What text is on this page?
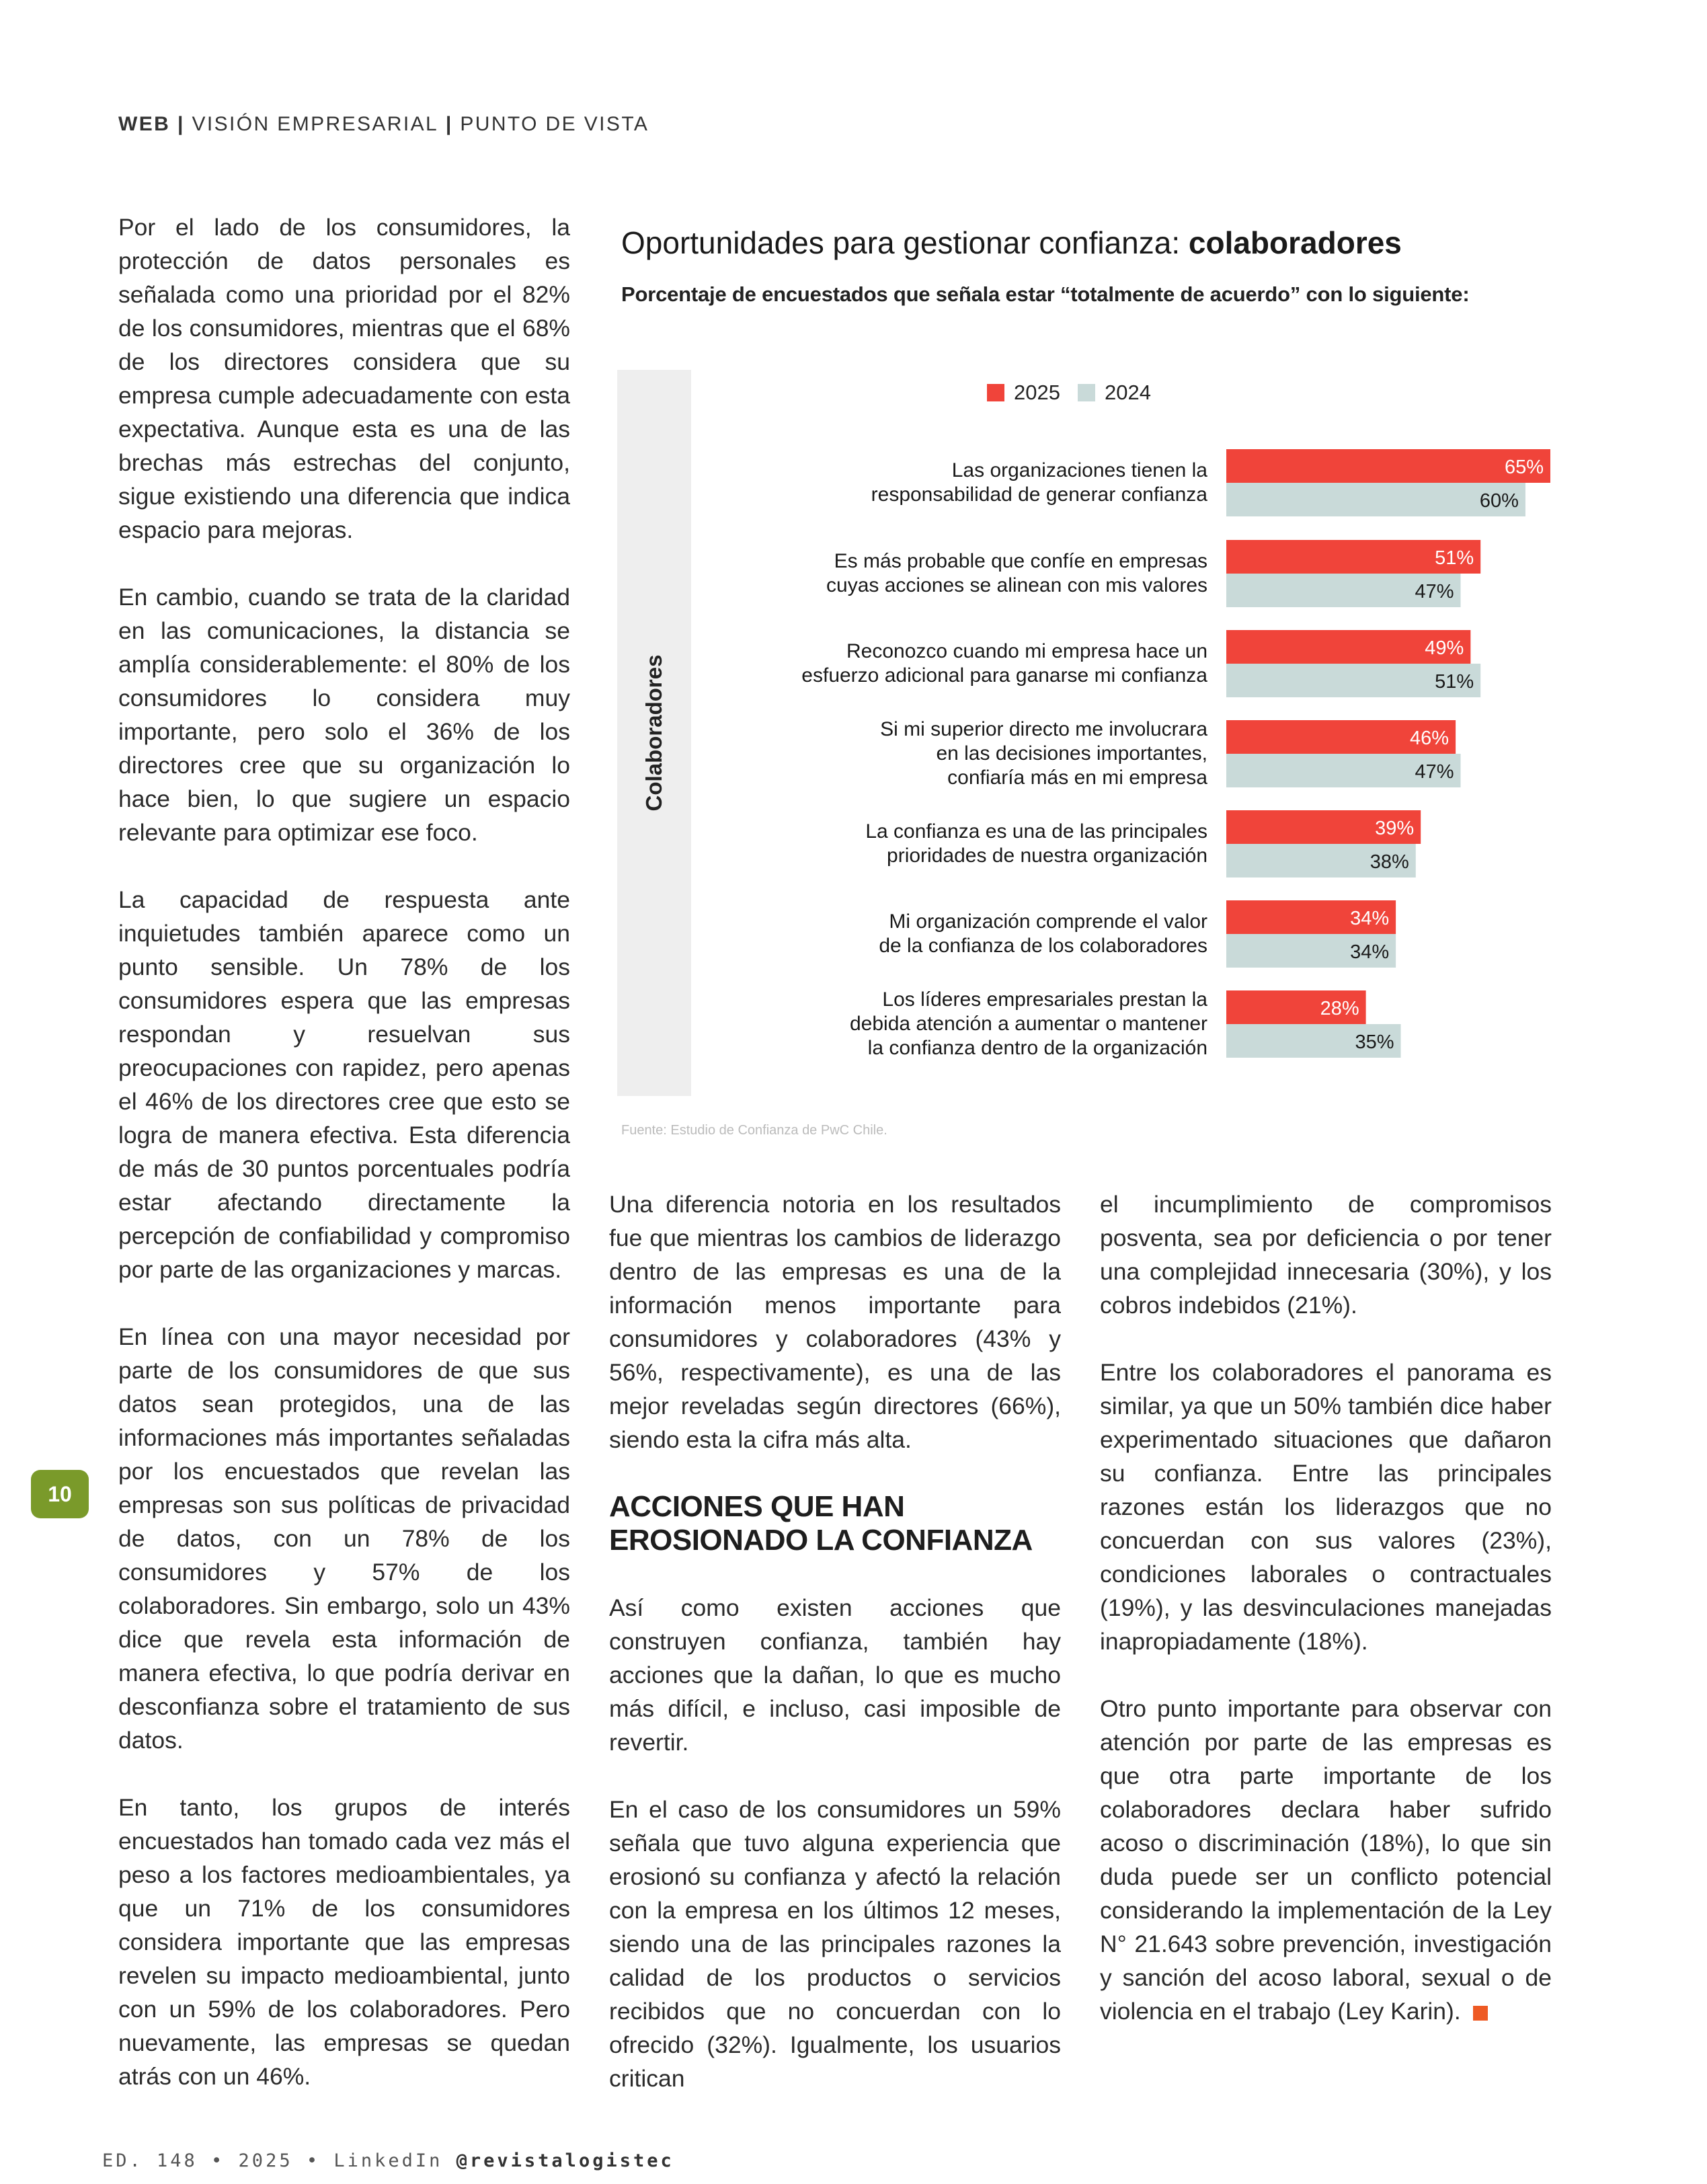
WEB | VISIÓN EMPRESARIAL | PUNTO DE VISTA

Por el lado de los consumidores, la protección de datos personales es señalada como una prioridad por el 82% de los consumidores, mientras que el 68% de los directores considera que su empresa cumple adecuadamente con esta expectativa. Aunque esta es una de las brechas más estrechas del conjunto, sigue existiendo una diferencia que indica espacio para mejoras.

En cambio, cuando se trata de la claridad en las comunicaciones, la distancia se amplía considerablemente: el 80% de los consumidores lo considera muy importante, pero solo el 36% de los directores cree que su organización lo hace bien, lo que sugiere un espacio relevante para optimizar ese foco.

La capacidad de respuesta ante inquietudes también aparece como un punto sensible. Un 78% de los consumidores espera que las empresas respondan y resuelvan sus preocupaciones con rapidez, pero apenas el 46% de los directores cree que esto se logra de manera efectiva. Esta diferencia de más de 30 puntos porcentuales podría estar afectando directamente la percepción de confiabilidad y compromiso por parte de las organizaciones y marcas.

En línea con una mayor necesidad por parte de los consumidores de que sus datos sean protegidos, una de las informaciones más importantes señaladas por los encuestados que revelan las empresas son sus políticas de privacidad de datos, con un 78% de los consumidores y 57% de los colaboradores. Sin embargo, solo un 43% dice que revela esta información de manera efectiva, lo que podría derivar en desconfianza sobre el tratamiento de sus datos.

En tanto, los grupos de interés encuestados han tomado cada vez más el peso a los factores medioambientales, ya que un 71% de los consumidores considera importante que las empresas revelen su impacto medioambiental, junto con un 59% de los colaboradores. Pero nuevamente, las empresas se quedan atrás con un 46%.

Oportunidades para gestionar confianza: colaboradores
Porcentaje de encuestados que señala estar “totalmente de acuerdo” con lo siguiente:
Colaboradores
2025 2024
Las organizaciones tienen la
responsabilidad de generar confianza
Es más probable que confíe en empresas
cuyas acciones se alinean con mis valores
Reconozco cuando mi empresa hace un
esfuerzo adicional para ganarse mi confianza
Si mi superior directo me involucrara
en las decisiones importantes,
confiaría más en mi empresa
La confianza es una de las principales
prioridades de nuestra organización
Mi organización comprende el valor
de la confianza de los colaboradores
Los líderes empresariales prestan la
debida atención a aumentar o mantener
la confianza dentro de la organización
65%
60%
51%
47%
49%
51%
46%
47%
39%
38%
34%
34%
28%
35%
Fuente: Estudio de Confianza de PwC Chile.

Una diferencia notoria en los resultados fue que mientras los cambios de liderazgo dentro de las empresas es una de la información menos importante para consumidores y colaboradores (43% y 56%, respectivamente), es una de las mejor reveladas según directores (66%), siendo esta la cifra más alta.

ACCIONES QUE HAN EROSIONADO LA CONFIANZA

Así como existen acciones que construyen confianza, también hay acciones que la dañan, lo que es mucho más difícil, e incluso, casi imposible de revertir.

En el caso de los consumidores un 59% señala que tuvo alguna experiencia que erosionó su confianza y afectó la relación con la empresa en los últimos 12 meses, siendo una de las principales razones la calidad de los productos o servicios recibidos que no concuerdan con lo ofrecido (32%). Igualmente, los usuarios critican

el incumplimiento de compromisos posventa, sea por deficiencia o por tener una complejidad innecesaria (30%), y los cobros indebidos (21%).

Entre los colaboradores el panorama es similar, ya que un 50% también dice haber experimentado situaciones que dañaron su confianza. Entre las principales razones están los liderazgos que no concuerdan con sus valores (23%), condiciones laborales o contractuales (19%), y las desvinculaciones manejadas inapropiadamente (18%).

Otro punto importante para observar con atención por parte de las empresas es que otra parte importante de los colaboradores declara haber sufrido acoso o discriminación (18%), lo que sin duda puede ser un conflicto potencial considerando la implementación de la Ley N° 21.643 sobre prevención, investigación y sanción del acoso laboral, sexual o de violencia en el trabajo (Ley Karin).

10
ED. 148 • 2025 • LinkedIn @revistalogistec
